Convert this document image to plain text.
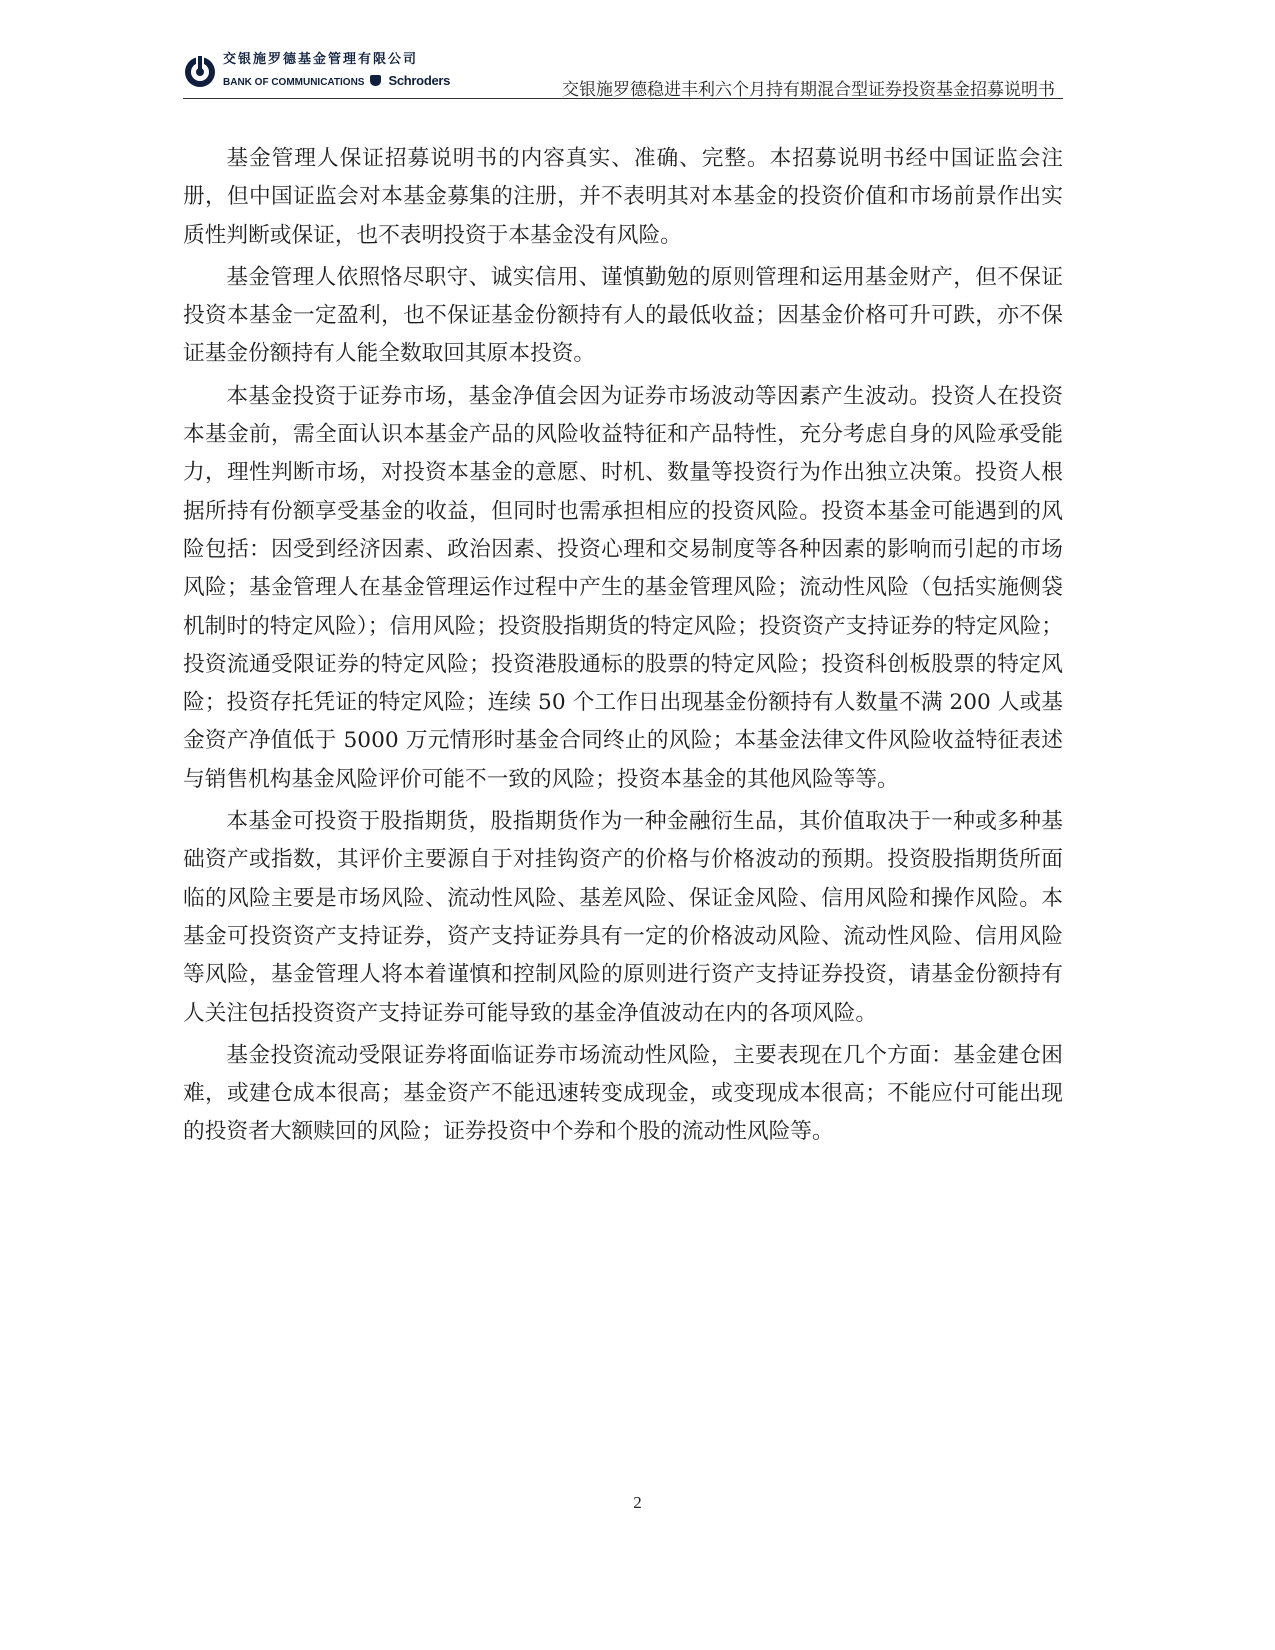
交银施罗德基金管理有限公司
BANK OF COMMUNICATIONS Schroders	交银施罗德稳进丰利六个月持有期混合型证券投资基金招募说明书

基金管理人保证招募说明书的内容真实、准确、完整。本招募说明书经中国证监会注册，但中国证监会对本基金募集的注册，并不表明其对本基金的投资价值和市场前景作出实质性判断或保证，也不表明投资于本基金没有风险。

基金管理人依照恪尽职守、诚实信用、谨慎勤勉的原则管理和运用基金财产，但不保证投资本基金一定盈利，也不保证基金份额持有人的最低收益；因基金价格可升可跌，亦不保证基金份额持有人能全数取回其原本投资。

本基金投资于证券市场，基金净值会因为证券市场波动等因素产生波动。投资人在投资本基金前，需全面认识本基金产品的风险收益特征和产品特性，充分考虑自身的风险承受能力，理性判断市场，对投资本基金的意愿、时机、数量等投资行为作出独立决策。投资人根据所持有份额享受基金的收益，但同时也需承担相应的投资风险。投资本基金可能遇到的风险包括：因受到经济因素、政治因素、投资心理和交易制度等各种因素的影响而引起的市场风险；基金管理人在基金管理运作过程中产生的基金管理风险；流动性风险（包括实施侧袋机制时的特定风险）；信用风险；投资股指期货的特定风险；投资资产支持证券的特定风险；投资流通受限证券的特定风险；投资港股通标的股票的特定风险；投资科创板股票的特定风险；投资存托凭证的特定风险；连续 50 个工作日出现基金份额持有人数量不满 200 人或基金资产净值低于 5000 万元情形时基金合同终止的风险；本基金法律文件风险收益特征表述与销售机构基金风险评价可能不一致的风险；投资本基金的其他风险等等。

本基金可投资于股指期货，股指期货作为一种金融衍生品，其价值取决于一种或多种基础资产或指数，其评价主要源自于对挂钩资产的价格与价格波动的预期。投资股指期货所面临的风险主要是市场风险、流动性风险、基差风险、保证金风险、信用风险和操作风险。本基金可投资资产支持证券，资产支持证券具有一定的价格波动风险、流动性风险、信用风险等风险，基金管理人将本着谨慎和控制风险的原则进行资产支持证券投资，请基金份额持有人关注包括投资资产支持证券可能导致的基金净值波动在内的各项风险。

基金投资流动受限证券将面临证券市场流动性风险，主要表现在几个方面：基金建仓困难，或建仓成本很高；基金资产不能迅速转变成现金，或变现成本很高；不能应付可能出现的投资者大额赎回的风险；证券投资中个券和个股的流动性风险等。

2
